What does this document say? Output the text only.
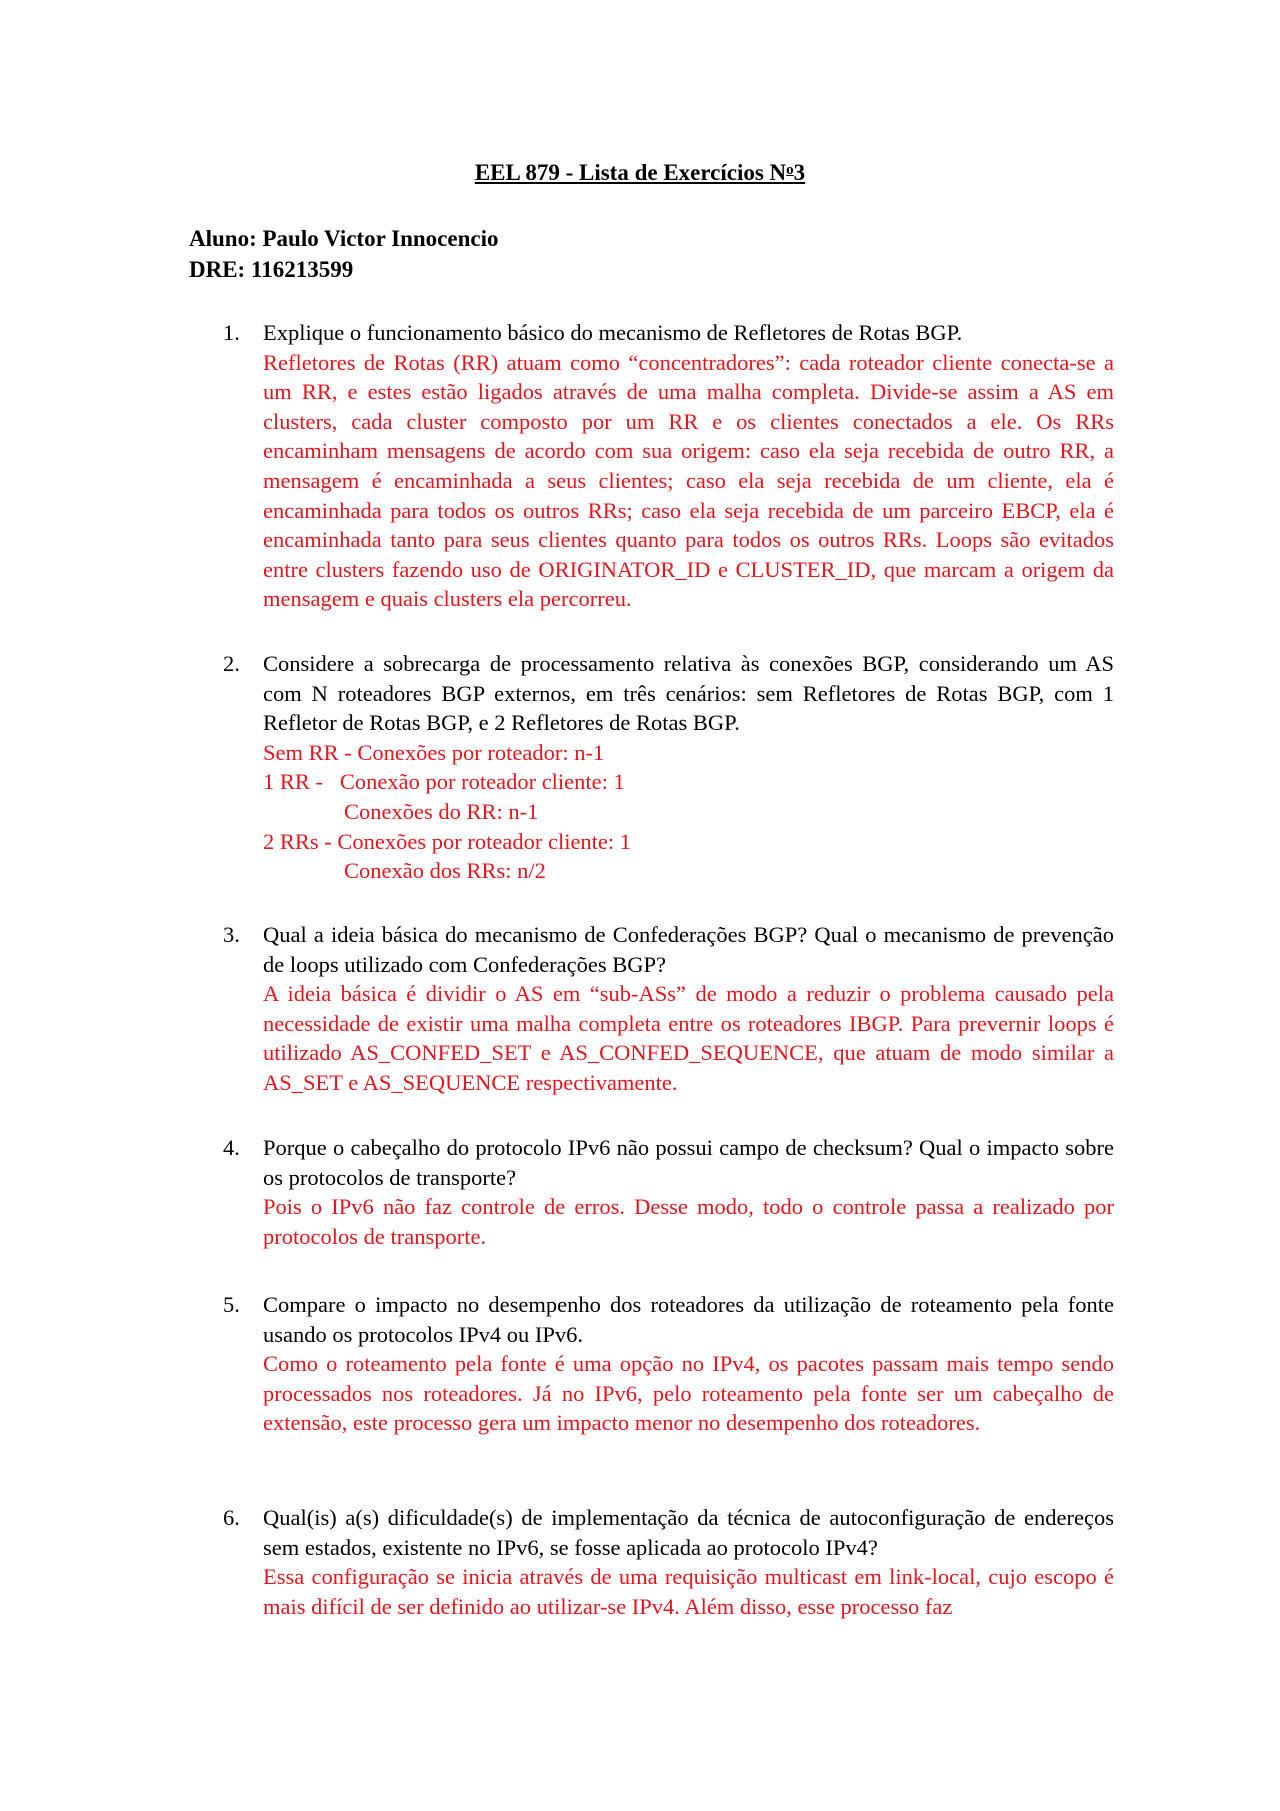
EEL 879 - Lista de Exercícios $N^o3$
Aluno: Paulo Victor Innocencio
DRE: 116213599
1.	Explique o funcionamento básico do mecanismo de Refletores de Rotas BGP.
Refletores de Rotas (RR) atuam como “concentradores”: cada roteador cliente conecta-se a um RR, e estes estão ligados através de uma malha completa. Divide-se assim a AS em clusters, cada cluster composto por um RR e os clientes conectados a ele. Os RRs encaminham mensagens de acordo com sua origem: caso ela seja recebida de outro RR, a mensagem é encaminhada a seus clientes; caso ela seja recebida de um cliente, ela é encaminhada para todos os outros RRs; caso ela seja recebida de um parceiro EBCP, ela é encaminhada tanto para seus clientes quanto para todos os outros RRs. Loops são evitados entre clusters fazendo uso de ORIGINATOR_ID e CLUSTER_ID, que marcam a origem da mensagem e quais clusters ela percorreu.
2.	Considere a sobrecarga de processamento relativa às conexões BGP, considerando um AS com N roteadores BGP externos, em três cenários: sem Refletores de Rotas BGP, com 1 Refletor de Rotas BGP, e 2 Refletores de Rotas BGP.
Sem RR - Conexões por roteador: n-1
1 RR -   Conexão por roteador cliente: 1
Conexões do RR: n-1
2 RRs - Conexões por roteador cliente: 1
Conexão dos RRs: n/2
3.	Qual a ideia básica do mecanismo de Confederações BGP? Qual o mecanismo de prevenção de loops utilizado com Confederações BGP?
A ideia básica é dividir o AS em “sub-ASs” de modo a reduzir o problema causado pela necessidade de existir uma malha completa entre os roteadores IBGP. Para prevernir loops é utilizado AS_CONFED_SET e AS_CONFED_SEQUENCE, que atuam de modo similar a AS_SET e AS_SEQUENCE respectivamente.
4.	Porque o cabeçalho do protocolo IPv6 não possui campo de checksum? Qual o impacto sobre os protocolos de transporte?
Pois o IPv6 não faz controle de erros. Desse modo, todo o controle passa a realizado por protocolos de transporte.
5.	Compare o impacto no desempenho dos roteadores da utilização de roteamento pela fonte usando os protocolos IPv4 ou IPv6.
Como o roteamento pela fonte é uma opção no IPv4, os pacotes passam mais tempo sendo processados nos roteadores. Já no IPv6, pelo roteamento pela fonte ser um cabeçalho de extensão, este processo gera um impacto menor no desempenho dos roteadores.
6.	Qual(is) a(s) dificuldade(s) de implementação da técnica de autoconfiguração de endereços sem estados, existente no IPv6, se fosse aplicada ao protocolo IPv4?
Essa configuração se inicia através de uma requisição multicast em link-local, cujo escopo é mais difícil de ser definido ao utilizar-se IPv4. Além disso, esse processo faz
